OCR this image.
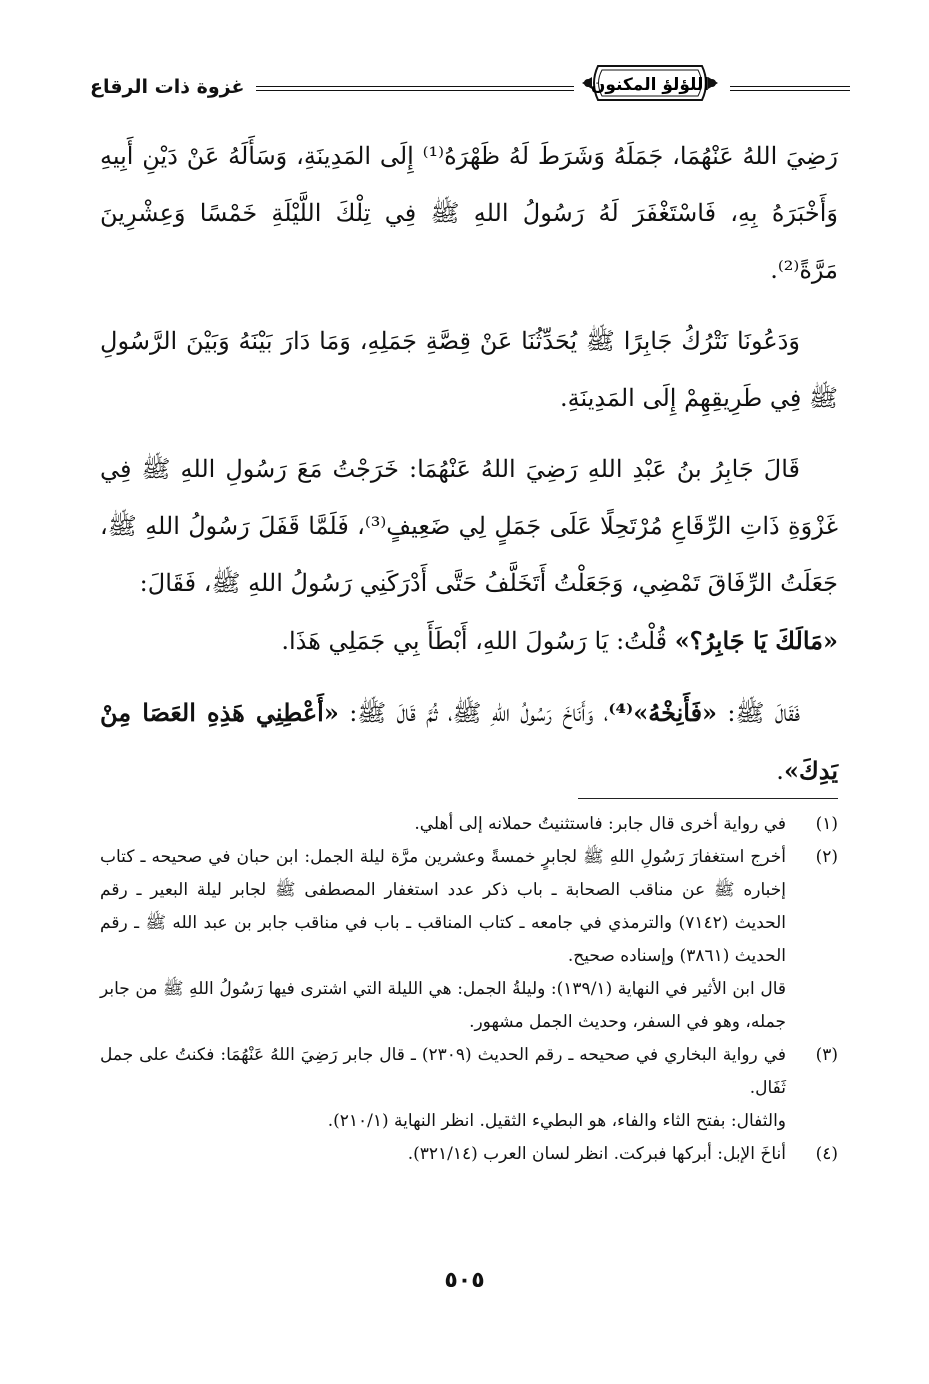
غزوة ذات الرقاع	اللؤلؤ المكنون

رَضِيَ اللهُ عَنْهُمَا، جَمَلَهُ وَشَرَطَ لَهُ ظَهْرَهُ⁽¹⁾ إِلَى المَدِينَةِ، وَسَأَلَهُ عَنْ دَيْنِ أَبِيهِ وَأَخْبَرَهُ بِهِ، فَاسْتَغْفَرَ لَهُ رَسُولُ اللهِ ﷺ فِي تِلْكَ اللَّيْلَةِ خَمْسًا وَعِشْرِينَ مَرَّةً⁽²⁾.

وَدَعُونَا نَتْرُكُ جَابِرًا ﷺ يُحَدِّثُنَا عَنْ قِصَّةِ جَمَلِهِ، وَمَا دَارَ بَيْنَهُ وَبَيْنَ الرَّسُولِ ﷺ فِي طَرِيقِهِمْ إِلَى المَدِينَةِ.

قَالَ جَابِرُ بنُ عَبْدِ اللهِ رَضِيَ اللهُ عَنْهُمَا: خَرَجْتُ مَعَ رَسُولِ اللهِ ﷺ فِي غَزْوَةِ ذَاتِ الرِّقَاعِ مُرْتَحِلًا عَلَى جَمَلٍ لِي ضَعِيفٍ⁽³⁾، فَلَمَّا قَفَلَ رَسُولُ اللهِ ﷺ، جَعَلَتُ الرِّفَاقَ تَمْضِي، وَجَعَلْتُ أَتَخَلَّفُ حَتَّى أَدْرَكَنِي رَسُولُ اللهِ ﷺ، فَقَالَ:
«مَالَكَ يَا جَابِرُ؟» قُلْتُ: يَا رَسُولَ اللهِ، أَبْطَأَ بِي جَمَلِي هَذَا.

فَقَالَ ﷺ: «فَأَنِخْهُ»⁽⁴⁾، وَأَنَاخَ رَسُولُ اللهِ ﷺ، ثُمَّ قَالَ ﷺ: «أَعْطِنِي هَذِهِ العَصَا مِنْ يَدِكَ».

(١)

في رواية أخرى قال جابر: فاستثنيتُ حملانه إلى أهلي.

(٢)

أخرج استغفارَ رَسُولِ اللهِ ﷺ لجابرٍ خمسةً وعشرين مرَّة ليلة الجمل: ابن حبان في صحيحه ـ كتاب إخباره ﷺ عن مناقب الصحابة ـ باب ذكر عدد استغفار المصطفى ﷺ لجابر ليلة البعير ـ رقم الحديث (٧١٤٢) والترمذي في جامعه ـ كتاب المناقب ـ باب في مناقب جابر بن عبد الله ﷺ ـ رقم الحديث (٣٨٦١) وإسناده صحيح.

قال ابن الأثير في النهاية (١٣٩/١): وليلةُ الجمل: هي الليلة التي اشترى فيها رَسُولُ اللهِ ﷺ من جابر جمله، وهو في السفر، وحديث الجمل مشهور.

(٣)

في رواية البخاري في صحيحه ـ رقم الحديث (٢٣٠٩) ـ قال جابر رَضِيَ اللهُ عَنْهُمَا: فكنتُ على جمل ثَفَال.

والثفال: بفتح الثاء والفاء، هو البطيء الثقيل. انظر النهاية (٢١٠/١).

(٤)

أناخَ الإبل: أبركها فبركت. انظر لسان العرب (٣٢١/١٤).

٥٠٥
